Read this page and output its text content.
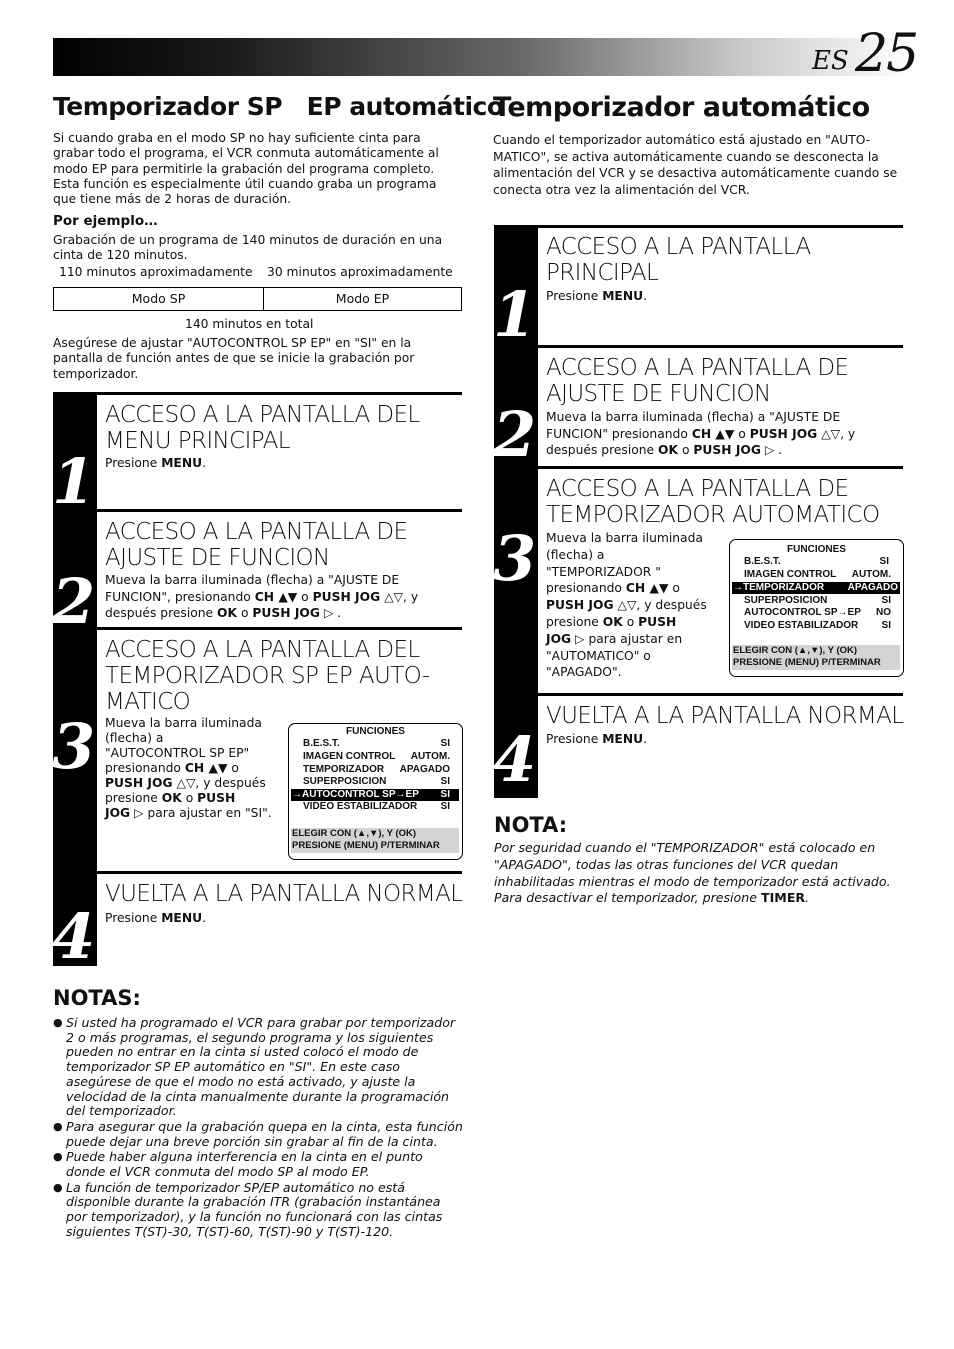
ES 25
Temporizador SP   EP automático
Si cuando graba en el modo SP no hay suficiente cinta para grabar todo el programa, el VCR conmuta automáticamente al modo EP para permitirle la grabación del programa completo. Esta función es especialmente útil cuando graba un programa que tiene más de 2 horas de duración.
Por ejemplo…
Grabación de un programa de 140 minutos de duración en una cinta de 120 minutos.
110 minutos aproximadamente 30 minutos aproximadamente
Modo SP	Modo EP
140 minutos en total
Asegúrese de ajustar "AUTOCONTROL SP EP" en "SI" en la pantalla de función antes de que se inicie la grabación por temporizador.
1
2
3
4
ACCESO A LA PANTALLA DEL
MENU PRINCIPAL
Presione MENU.
ACCESO A LA PANTALLA DE
AJUSTE DE FUNCION
Mueva la barra iluminada (flecha) a "AJUSTE DE
FUNCION", presionando CH ▲▼ o PUSH JOG △▽, y
después presione OK o PUSH JOG ▷ .
ACCESO A LA PANTALLA DEL
TEMPORIZADOR SP EP AUTO-
MATICO
Mueva la barra iluminada
(flecha) a
"AUTOCONTROL SP EP"
presionando CH ▲▼ o
PUSH JOG △▽, y después
presione OK o PUSH
JOG ▷ para ajustar en "SI".
FUNCIONES
B.E.S.T.	SI
IMAGEN CONTROL AUTOM.
TEMPORIZADOR APAGADO
SUPERPOSICION	SI
→AUTOCONTROL SP→EP SI
VIDEO ESTABILIZADOR SI
ELEGIR CON (▲,▼), Y (OK)
PRESIONE (MENU) P/TERMINAR
VUELTA A LA PANTALLA NORMAL
Presione MENU.
NOTAS:
● Si usted ha programado el VCR para grabar por temporizador 2 o más programas, el segundo programa y los siguientes pueden no entrar en la cinta si usted colocó el modo de temporizador SP EP automático en "SI". En este caso asegúrese de que el modo no está activado, y ajuste la velocidad de la cinta manualmente durante la programación del temporizador.
● Para asegurar que la grabación quepa en la cinta, esta función puede dejar una breve porción sin grabar al fin de la cinta.
● Puede haber alguna interferencia en la cinta en el punto donde el VCR conmuta del modo SP al modo EP.
● La función de temporizador SP/EP automático no está disponible durante la grabación ITR (grabación instantánea por temporizador), y la función no funcionará con las cintas siguientes T(ST)-30, T(ST)-60, T(ST)-90 y T(ST)-120.
Temporizador automático
Cuando el temporizador automático está ajustado en "AUTO-MATICO", se activa automáticamente cuando se desconecta la alimentación del VCR y se desactiva automáticamente cuando se conecta otra vez la alimentación del VCR.
1
2
3
4
ACCESO A LA PANTALLA
PRINCIPAL
Presione MENU.
ACCESO A LA PANTALLA DE
AJUSTE DE FUNCION
Mueva la barra iluminada (flecha) a "AJUSTE DE
FUNCION" presionando CH ▲▼ o PUSH JOG △▽, y
después presione OK o PUSH JOG ▷ .
ACCESO A LA PANTALLA DE
TEMPORIZADOR AUTOMATICO
Mueva la barra iluminada
(flecha) a
"TEMPORIZADOR "
presionando CH ▲▼ o
PUSH JOG △▽, y después
presione OK o PUSH
JOG ▷ para ajustar en
"AUTOMATICO" o
"APAGADO".
FUNCIONES
B.E.S.T.	SI
IMAGEN CONTROL AUTOM.
→TEMPORIZADOR APAGADO
SUPERPOSICION	SI
AUTOCONTROL SP→EP NO
VIDEO ESTABILIZADOR SI
ELEGIR CON (▲,▼), Y (OK)
PRESIONE (MENU) P/TERMINAR
VUELTA A LA PANTALLA NORMAL
Presione MENU.
NOTA:
Por seguridad cuando el "TEMPORIZADOR" está colocado en "APAGADO", todas las otras funciones del VCR quedan inhabilitadas mientras el modo de temporizador está activado. Para desactivar el temporizador, presione TIMER.
